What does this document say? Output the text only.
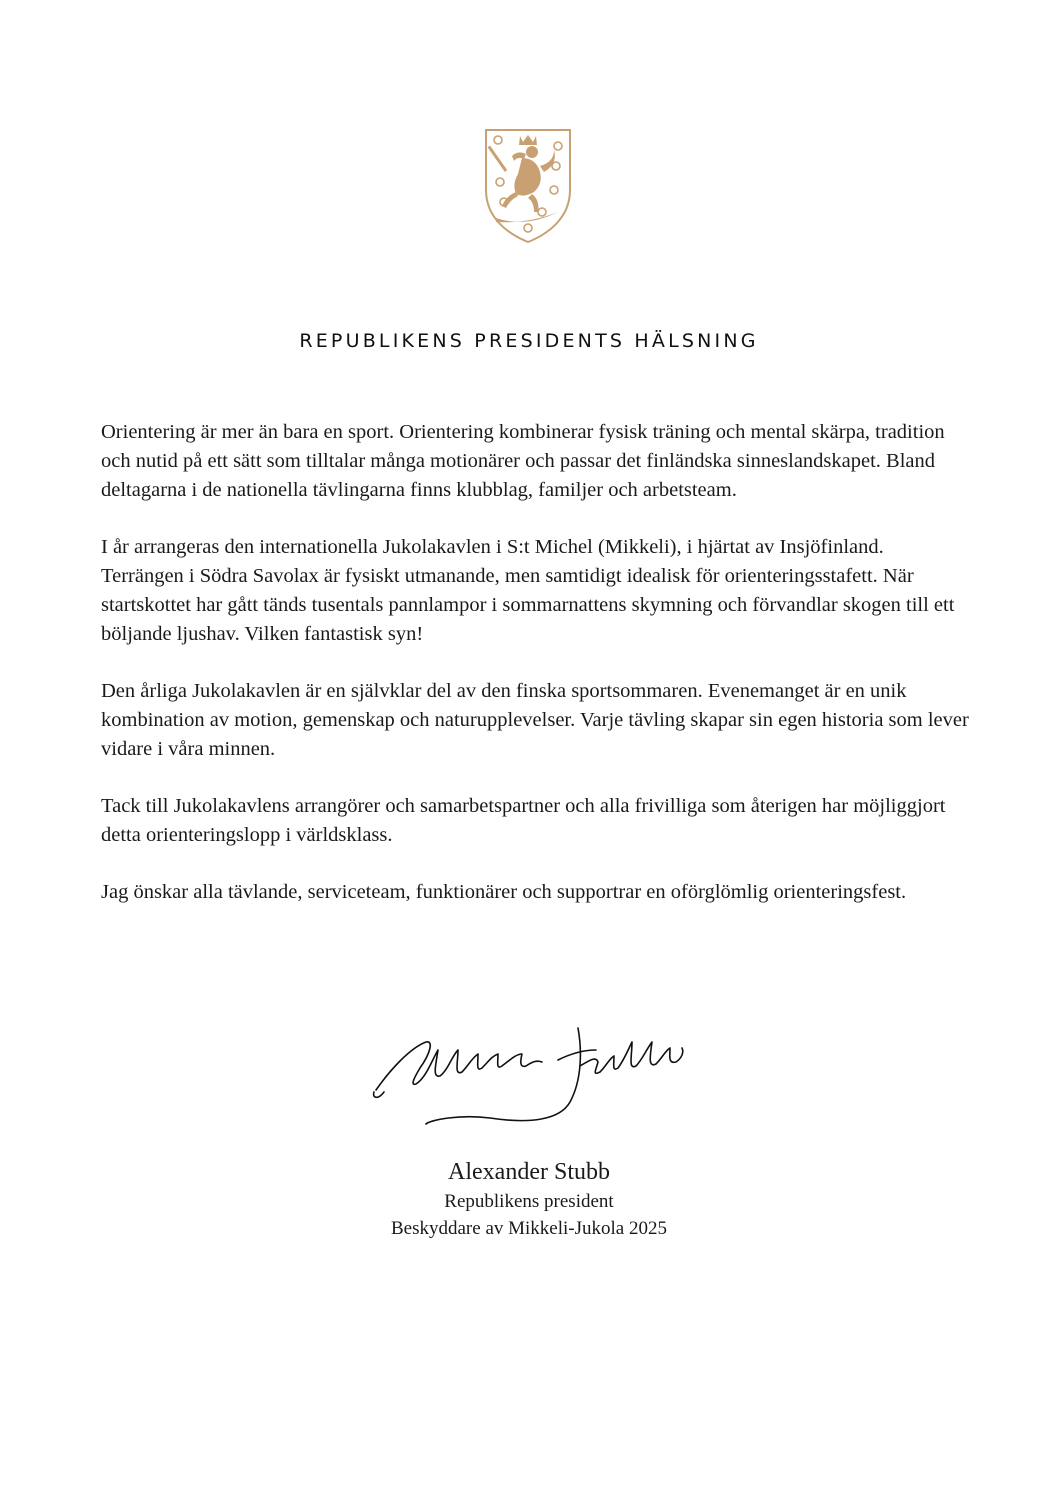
REPUBLIKENS PRESIDENTS HÄLSNING

Orientering är mer än bara en sport. Orientering kombinerar fysisk träning och mental skärpa, tradition och nutid på ett sätt som tilltalar många motionärer och passar det finländska sinneslandskapet. Bland deltagarna i de nationella tävlingarna finns klubblag, familjer och arbetsteam.

I år arrangeras den internationella Jukolakavlen i S:t Michel (Mikkeli), i hjärtat av Insjöfinland. Terrängen i Södra Savolax är fysiskt utmanande, men samtidigt idealisk för orienteringsstafett. När startskottet har gått tänds tusentals pannlampor i sommarnattens skymning och förvandlar skogen till ett böljande ljushav. Vilken fantastisk syn!

Den årliga Jukolakavlen är en självklar del av den finska sportsommaren. Evenemanget är en unik kombination av motion, gemenskap och naturupplevelser. Varje tävling skapar sin egen historia som lever vidare i våra minnen.

Tack till Jukolakavlens arrangörer och samarbetspartner och alla frivilliga som återigen har möjliggjort detta orienteringslopp i världsklass.

Jag önskar alla tävlande, serviceteam, funktionärer och supportrar en oförglömlig orienteringsfest.

Alexander Stubb
Republikens president
Beskyddare av Mikkeli-Jukola 2025
